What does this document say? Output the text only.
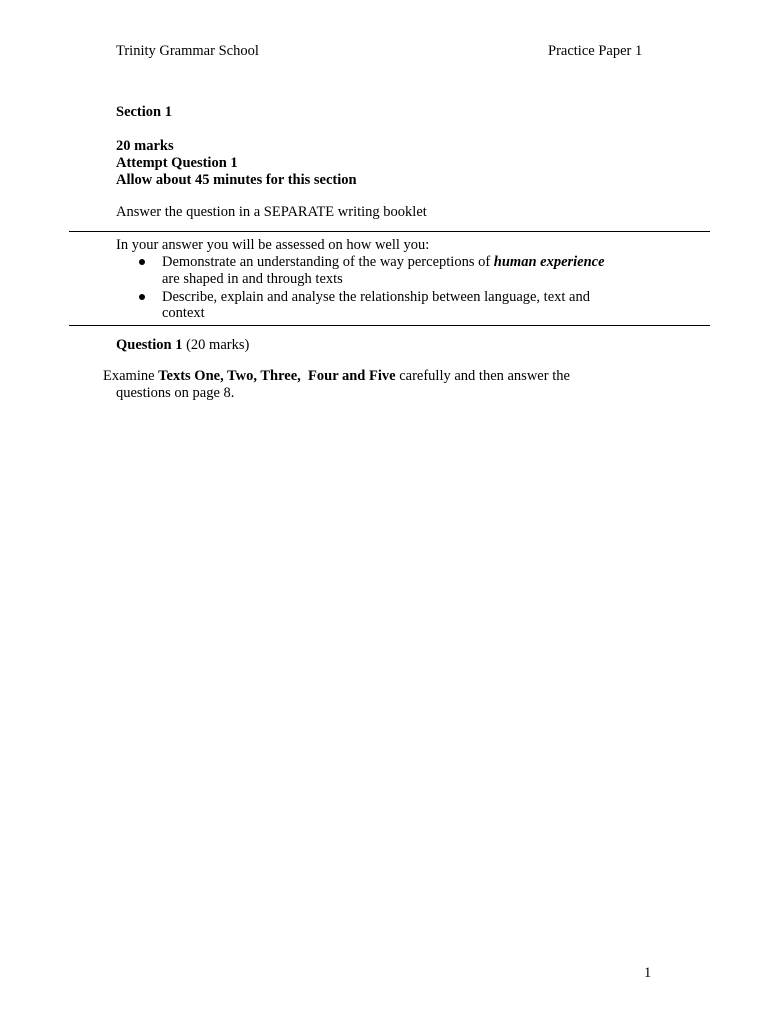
Trinity Grammar School	Practice Paper 1
Section 1
20 marks
Attempt Question 1
Allow about 45 minutes for this section
Answer the question in a SEPARATE writing booklet
In your answer you will be assessed on how well you:
Demonstrate an understanding of the way perceptions of human experience
are shaped in and through texts
Describe, explain and analyse the relationship between language, text and
context
Question 1 (20 marks)
Examine Texts One, Two, Three,  Four and Five carefully and then answer the
questions on page 8.
1
